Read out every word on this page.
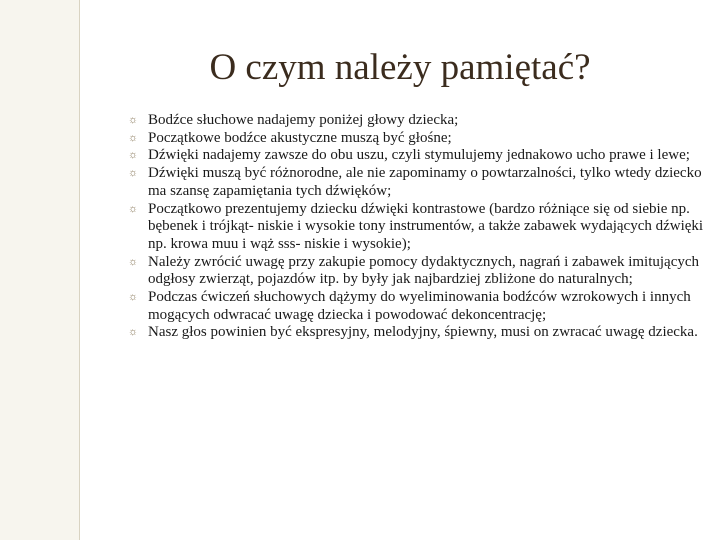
O czym należy pamiętać?
☼ Bodźce słuchowe nadajemy poniżej głowy dziecka;
☼ Początkowe bodźce akustyczne muszą być głośne;
☼ Dźwięki nadajemy zawsze do obu uszu, czyli stymulujemy jednakowo ucho prawe i lewe;
☼ Dźwięki muszą być różnorodne, ale nie zapominamy o powtarzalności, tylko wtedy dziecko ma szansę zapamiętania tych dźwięków;
☼ Początkowo prezentujemy dziecku dźwięki kontrastowe (bardzo różniące się od siebie np. bębenek i trójkąt- niskie i wysokie tony instrumentów, a także zabawek wydających dźwięki np. krowa muu i wąż sss- niskie i wysokie);
☼ Należy zwrócić uwagę przy zakupie pomocy dydaktycznych, nagrań i zabawek imitujących odgłosy zwierząt, pojazdów itp. by były jak najbardziej zbliżone do naturalnych;
☼ Podczas ćwiczeń słuchowych dążymy do wyeliminowania bodźców wzrokowych i innych mogących odwracać uwagę dziecka i powodować dekoncentrację;
☼ Nasz głos powinien być ekspresyjny, melodyjny, śpiewny, musi on zwracać uwagę dziecka.
